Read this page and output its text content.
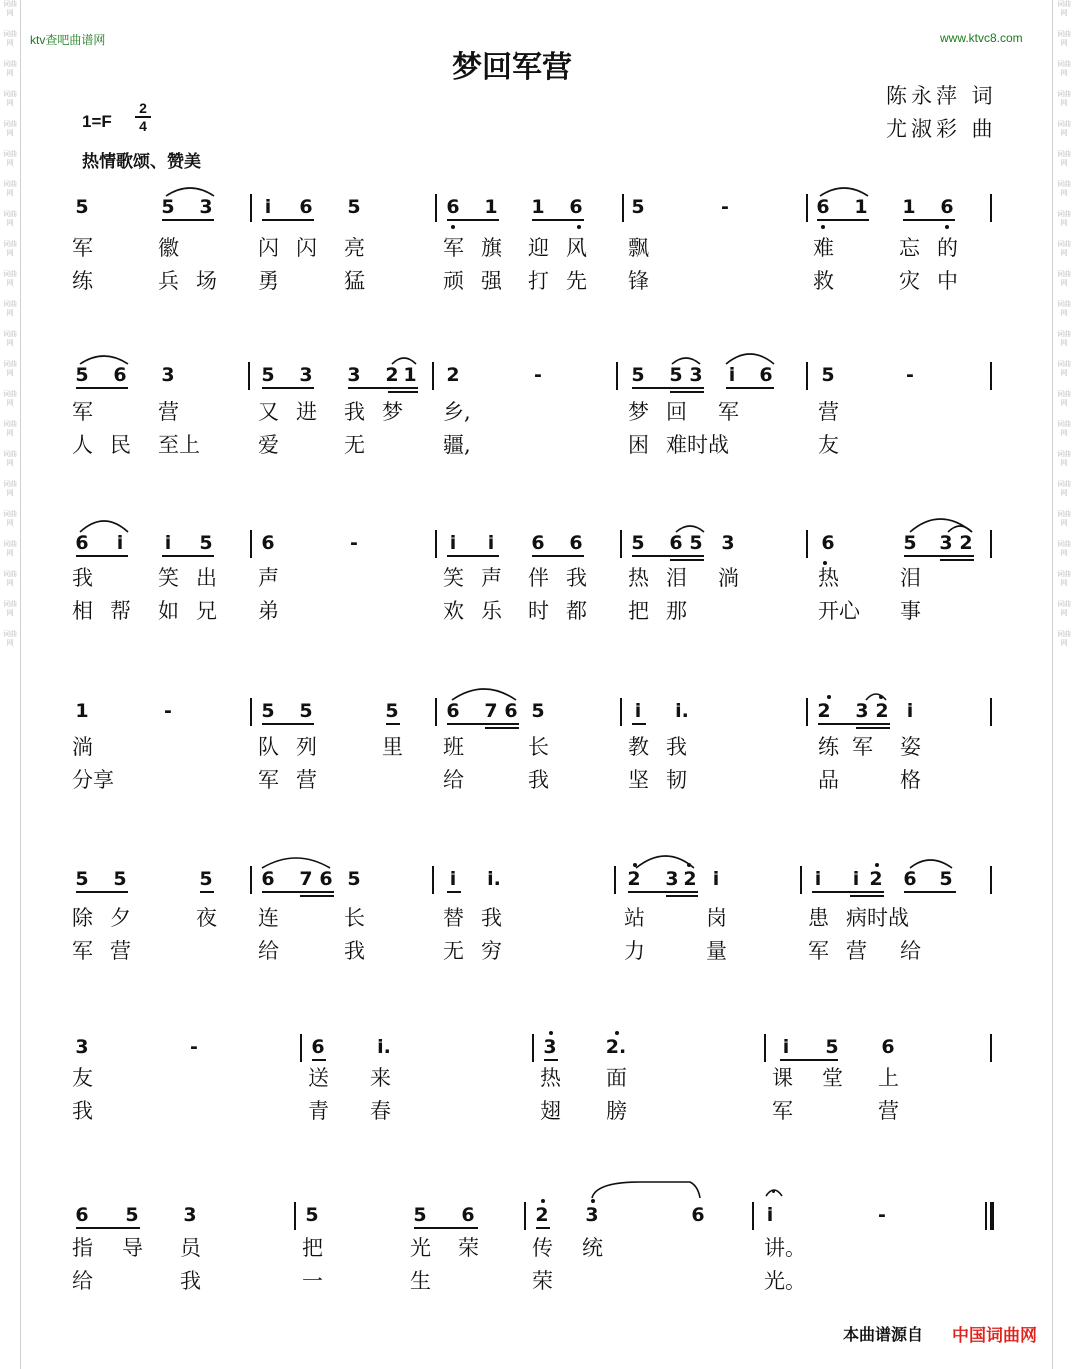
词曲网
词曲网
词曲网
词曲网
词曲网
词曲网
词曲网
词曲网
词曲网
词曲网
词曲网
词曲网
词曲网
词曲网
词曲网
词曲网
词曲网
词曲网
词曲网
词曲网
词曲网
词曲网
词曲网
词曲网
词曲网
词曲网
词曲网
词曲网
词曲网
词曲网
词曲网
词曲网
词曲网
词曲网
词曲网
词曲网
词曲网
词曲网
词曲网
词曲网
词曲网
词曲网
词曲网
词曲网
ktv查吧曲谱网	www.ktvc8.com
梦回军营
陈永萍 词
尤淑彩 曲
1=F
2
4
热情歌颂、赞美
5	5 3	i	6 5	6 1 1 6	5	-	6 1 1 6
军	徽	闪 闪 亮	军 旗 迎 风 飘	难	忘 的
练	兵 场 勇	猛	顽 强 打 先 锋	救	灾 中
5 6 3	5 3 3 2 1 2	-	5 5 3	i	6	5	-
军	营	又 进 我 梦 乡,	梦 回 军	营
人 民 至上	爱	无	疆,	困 难时战	友
6	i	i	5	6	-	i	i	6 6	5 6 5 3	6	5 3 2
我	笑 出 声	笑 声 伴 我 热 泪 淌	热	泪
相 帮 如 兄 弟	欢 乐 时 都 把 那	开心 事
1	-	5 5	5	6 7 6 5	i	i.	2 3 2 i
淌	队 列	里 班	长	教 我	练 军 姿
分享	军 营	给	我	坚 韧	品	格
5 5	5	6 7 6 5	i	i.	2 3 2 i	i	i 2 6 5
除 夕	夜 连	长	替 我	站	岗	患 病时战
军 营	给	我	无 穷	力	量	军 营 给
3	-	6	i.	3	2.	i	5 6
友	送 来	热 面	课 堂 上
我	青 春	翅 膀	军	营
6 5 3	5	5 6	2 3	6	i	-
指 导 员	把	光 荣	传 统	讲。
给	我	一	生	荣	光。
本曲谱源自 中国词曲网
